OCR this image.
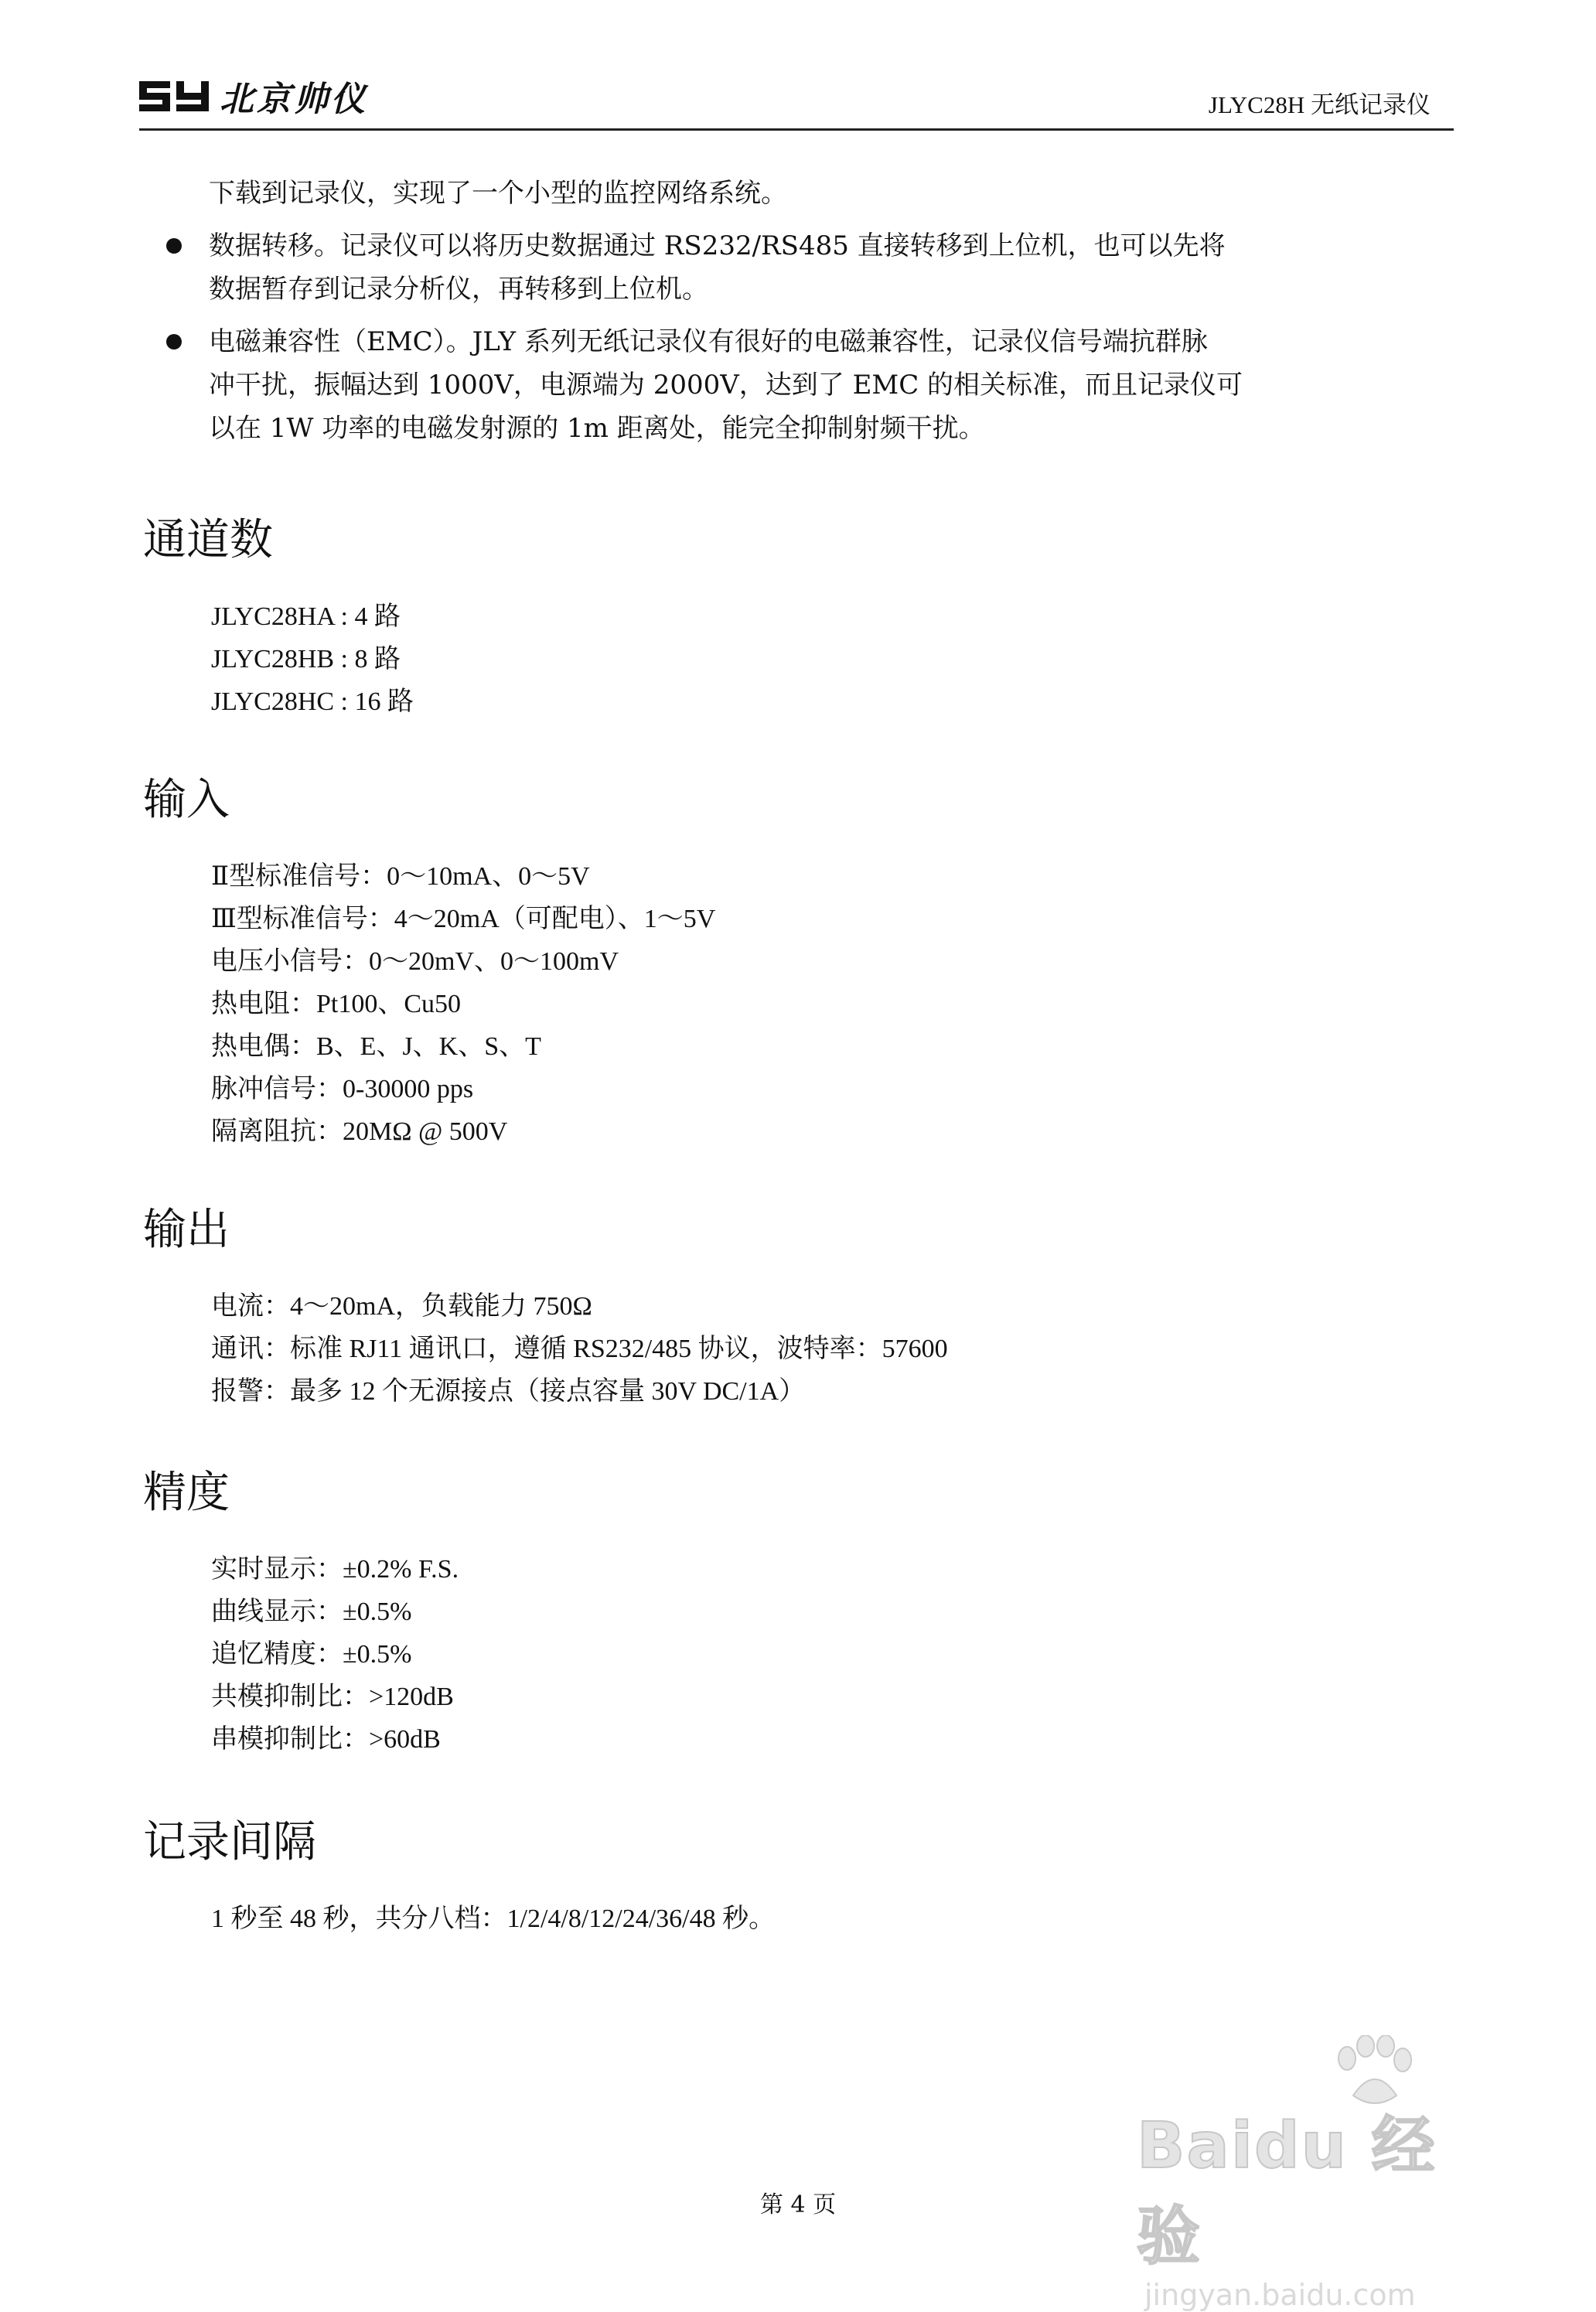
北京帅仪	JLYC28H 无纸记录仪
下载到记录仪，实现了一个小型的监控网络系统。
数据转移。记录仪可以将历史数据通过 RS232/RS485 直接转移到上位机，也可以先将
数据暂存到记录分析仪，再转移到上位机。
电磁兼容性（EMC）。JLY 系列无纸记录仪有很好的电磁兼容性，记录仪信号端抗群脉
冲干扰，振幅达到 1000V，电源端为 2000V，达到了 EMC 的相关标准，而且记录仪可
以在 1W 功率的电磁发射源的 1m 距离处，能完全抑制射频干扰。
通道数
JLYC28HA : 4 路
JLYC28HB : 8 路
JLYC28HC : 16 路
输入
Ⅱ型标准信号：0～10mA、0～5V
Ⅲ型标准信号：4～20mA（可配电）、1～5V
电压小信号：0～20mV、0～100mV
热电阻：Pt100、Cu50
热电偶：B、E、J、K、S、T
脉冲信号：0-30000 pps
隔离阻抗：20MΩ @ 500V
输出
电流：4～20mA，负载能力 750Ω
通讯：标准 RJ11 通讯口，遵循 RS232/485 协议，波特率：57600
报警：最多 12 个无源接点（接点容量 30V DC/1A）
精度
实时显示：±0.2% F.S.
曲线显示：±0.5%
追忆精度：±0.5%
共模抑制比：>120dB
串模抑制比：>60dB
记录间隔
1 秒至 48 秒，共分八档：1/2/4/8/12/24/36/48 秒。
Baidu 经验
jingyan.baidu.com
第 4 页
